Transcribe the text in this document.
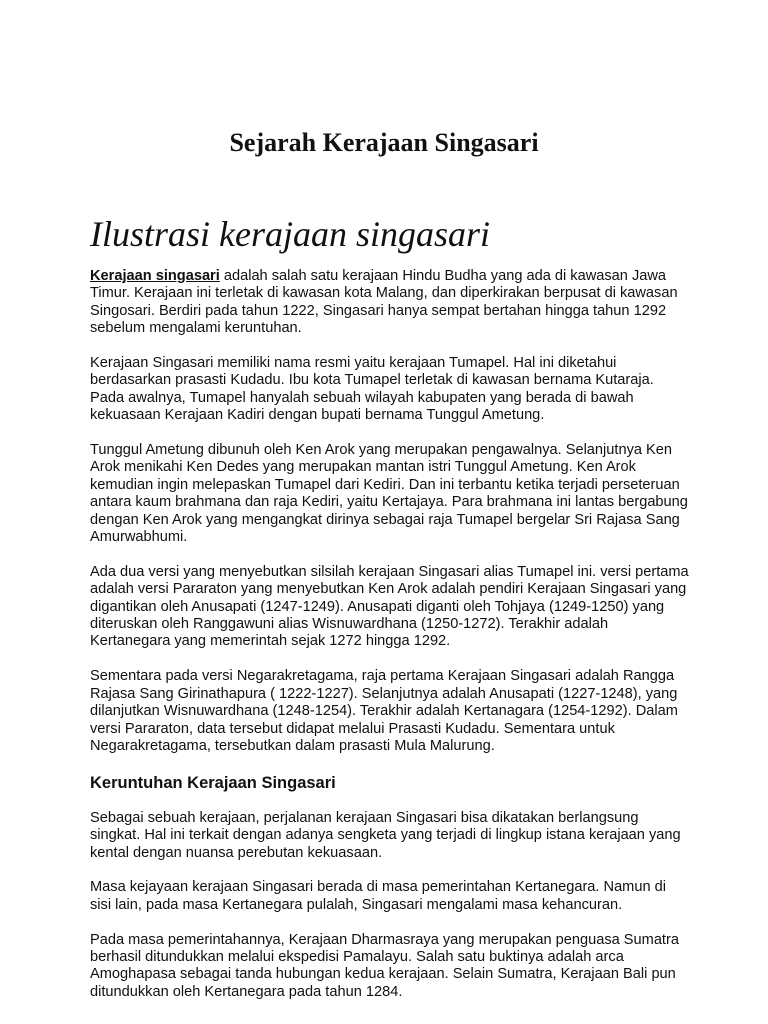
Sejarah Kerajaan Singasari
Ilustrasi kerajaan singasari

Kerajaan singasari adalah salah satu kerajaan Hindu Budha yang ada di kawasan Jawa Timur. Kerajaan ini terletak di kawasan kota Malang, dan diperkirakan berpusat di kawasan Singosari. Berdiri pada tahun 1222, Singasari hanya sempat bertahan hingga tahun 1292 sebelum mengalami keruntuhan.

Kerajaan Singasari memiliki nama resmi yaitu kerajaan Tumapel. Hal ini diketahui berdasarkan prasasti Kudadu. Ibu kota Tumapel terletak di kawasan bernama Kutaraja. Pada awalnya, Tumapel hanyalah sebuah wilayah kabupaten yang berada di bawah kekuasaan Kerajaan Kadiri dengan bupati bernama Tunggul Ametung.

Tunggul Ametung dibunuh oleh Ken Arok yang merupakan pengawalnya. Selanjutnya Ken Arok menikahi Ken Dedes yang merupakan mantan istri Tunggul Ametung. Ken Arok kemudian ingin melepaskan Tumapel dari Kediri. Dan ini terbantu ketika terjadi perseteruan antara kaum brahmana dan raja Kediri, yaitu Kertajaya. Para brahmana ini lantas bergabung dengan Ken Arok yang mengangkat dirinya sebagai raja Tumapel bergelar Sri Rajasa Sang Amurwabhumi.

Ada dua versi yang menyebutkan silsilah kerajaan Singasari alias Tumapel ini. versi pertama adalah versi Pararaton yang menyebutkan Ken Arok adalah pendiri Kerajaan Singasari yang digantikan oleh Anusapati (1247-1249). Anusapati diganti oleh Tohjaya (1249-1250) yang diteruskan oleh Ranggawuni alias Wisnuwardhana (1250-1272). Terakhir adalah Kertanegara yang memerintah sejak 1272 hingga 1292.

Sementara pada versi Negarakretagama, raja pertama Kerajaan Singasari adalah Rangga Rajasa Sang Girinathapura ( 1222-1227). Selanjutnya adalah Anusapati (1227-1248), yang dilanjutkan Wisnuwardhana (1248-1254). Terakhir adalah Kertanagara (1254-1292). Dalam versi Pararaton, data tersebut didapat melalui Prasasti Kudadu. Sementara untuk Negarakretagama, tersebutkan dalam prasasti Mula Malurung.

Keruntuhan Kerajaan Singasari

Sebagai sebuah kerajaan, perjalanan kerajaan Singasari bisa dikatakan berlangsung singkat. Hal ini terkait dengan adanya sengketa yang terjadi di lingkup istana kerajaan yang kental dengan nuansa perebutan kekuasaan.

Masa kejayaan kerajaan Singasari berada di masa pemerintahan Kertanegara. Namun di sisi lain, pada masa Kertanegara pulalah, Singasari mengalami masa kehancuran.

Pada masa pemerintahannya, Kerajaan Dharmasraya yang merupakan penguasa Sumatra berhasil ditundukkan melalui ekspedisi Pamalayu. Salah satu buktinya adalah arca Amoghapasa sebagai tanda hubungan kedua kerajaan. Selain Sumatra, Kerajaan Bali pun ditundukkan oleh Kertanegara pada tahun 1284.
